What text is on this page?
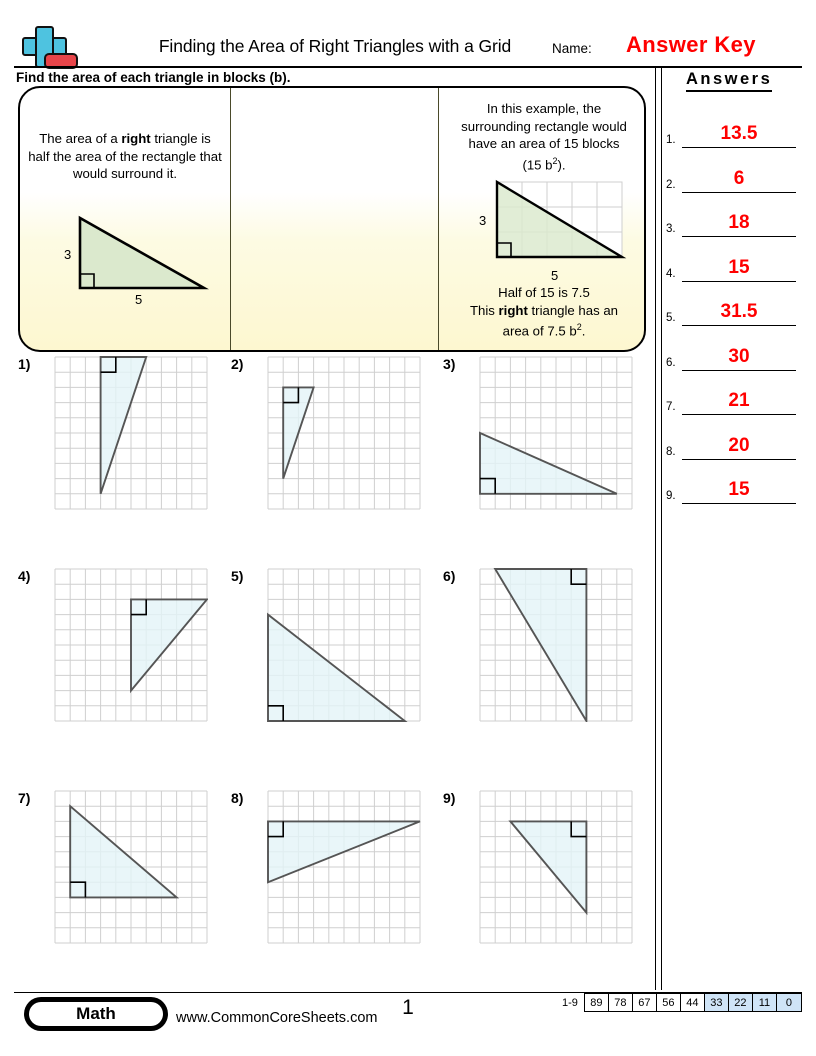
Finding the Area of Right Triangles with a Grid	Name: Answer Key
Find the area of each triangle in blocks (b).
The area of a right triangle is half the area of the rectangle that would surround it.
3
5
In this example, the
surrounding rectangle would
have an area of 15 blocks
(15 $b^2$).
3
5
Half of 15 is 7.5
This right triangle has an
area of 7.5 $b^2$.
1)	2)	3)
4)	5)	6)
7)	8)	9)
Answers
1.	13.5
2.	6
3.	18
4.	15
5.	31.5
6.	30
7.	21
8.	20
9.	15
Math	www.CommonCoreSheets.com	1	1-9	89	78	67	56	44	33	22	11	0
